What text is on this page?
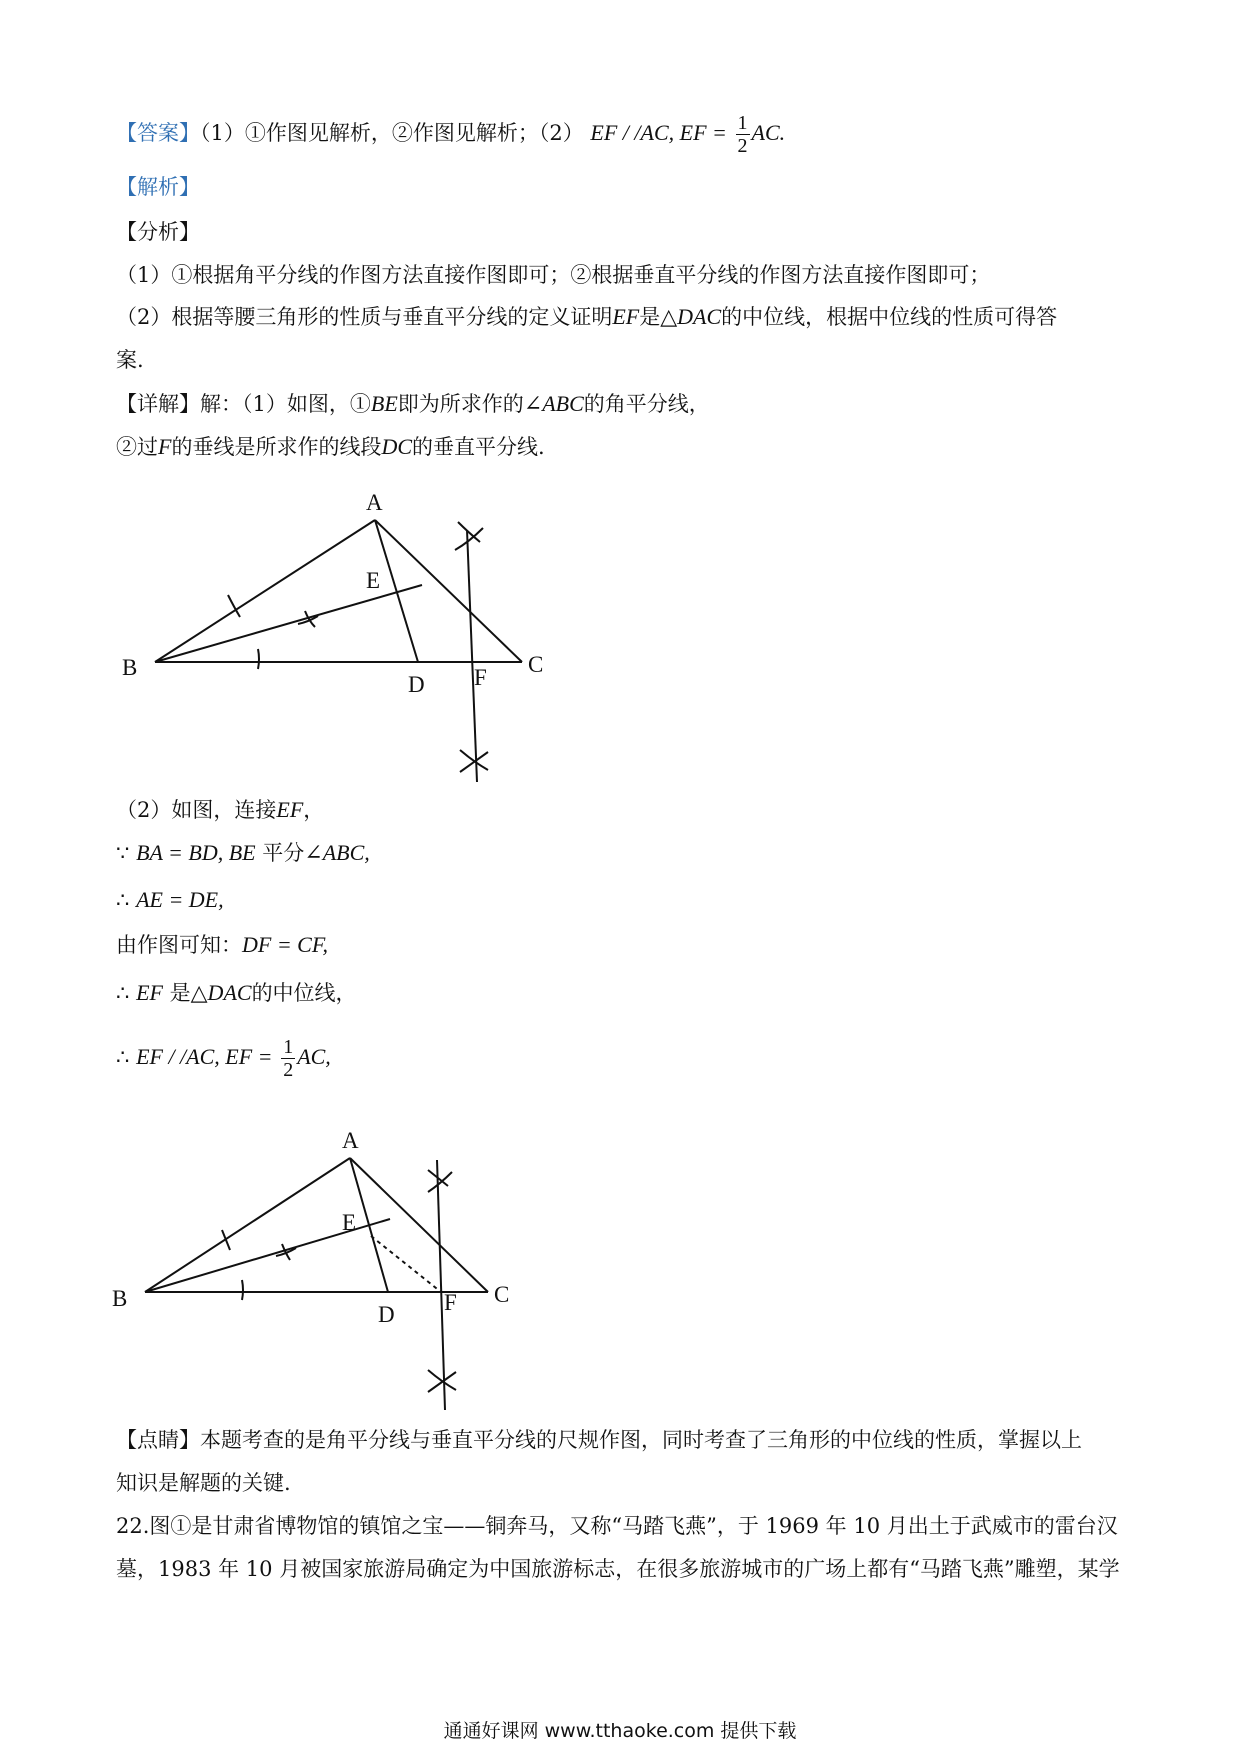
【答案】（1）①作图见解析，②作图见解析；（2） EF / /AC, EF = $\frac{1}{2}$ AC.
【解析】
【分析】
（1）①根据角平分线的作图方法直接作图即可；②根据垂直平分线的作图方法直接作图即可；
（2）根据等腰三角形的性质与垂直平分线的定义证明EF是△DAC的中位线，根据中位线的性质可得答
案.
【详解】解：（1）如图，①BE即为所求作的∠ABC的角平分线，
②过F的垂线是所求作的线段DC的垂直平分线.
A
B	C
D
E
F
（2）如图，连接EF，
∵ BA = BD, BE 平分∠ABC,
∴ AE = DE,
由作图可知：DF = CF,
∴ EF 是△DAC的中位线，
∴ EF / /AC, EF = $\frac{1}{2}$ AC,
A
B	C
D
E
F
【点睛】本题考查的是角平分线与垂直平分线的尺规作图，同时考查了三角形的中位线的性质，掌握以上
知识是解题的关键.
22.图①是甘肃省博物馆的镇馆之宝——铜奔马，又称“马踏飞燕”，于 1969 年 10 月出土于武威市的雷台汉
墓，1983 年 10 月被国家旅游局确定为中国旅游标志，在很多旅游城市的广场上都有“马踏飞燕”雕塑，某学
通通好课网 www.tthaoke.com 提供下载
